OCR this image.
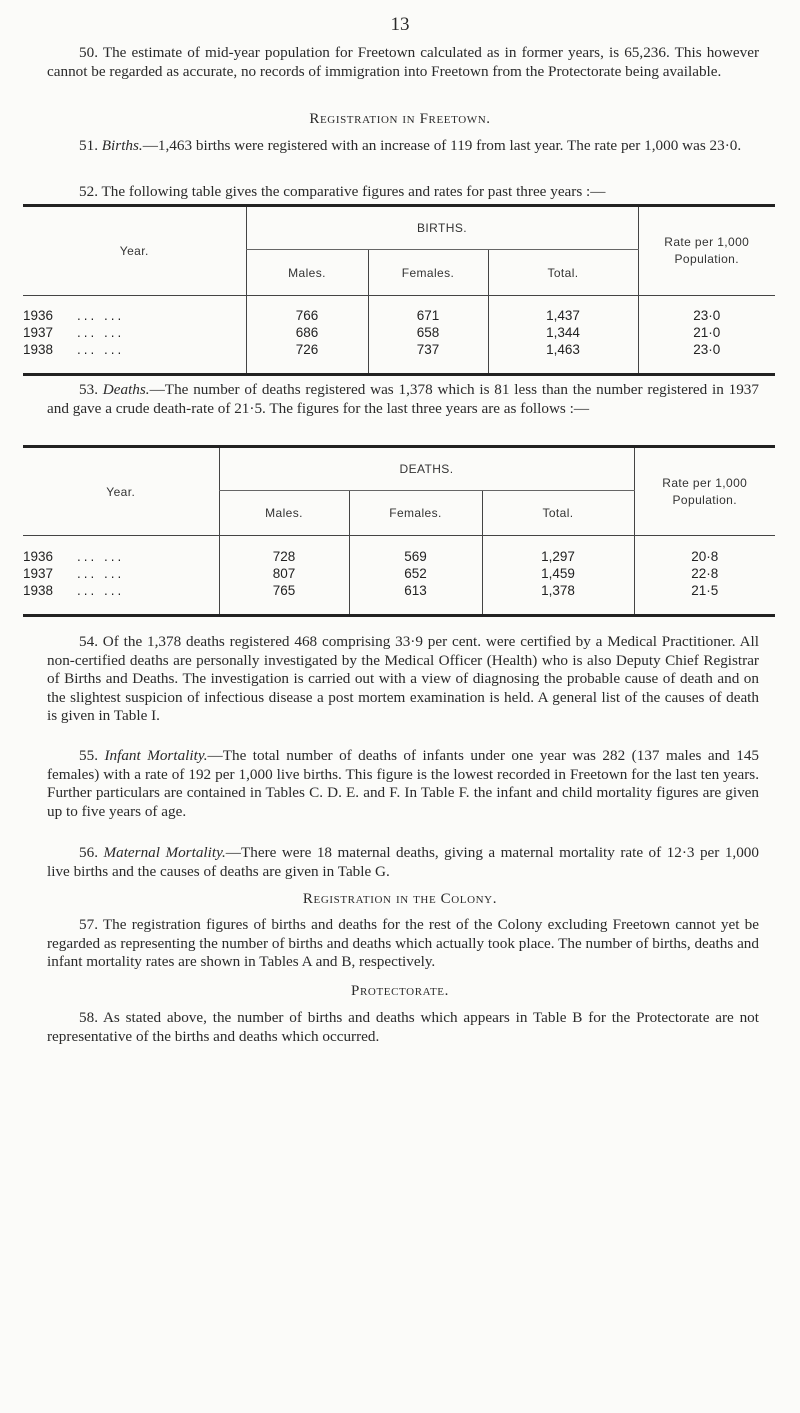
13

50. The estimate of mid-year population for Freetown calculated as in former years, is 65,236. This however cannot be regarded as accurate, no records of immigration into Freetown from the Protectorate being available.

Registration in Freetown.

51. Births.—1,463 births were registered with an increase of 119 from last year. The rate per 1,000 was 23·0.

52. The following table gives the comparative figures and rates for past three years :—

Year.	BIRTHS.			Rate per 1,000 Population.
	Males.	Females.	Total.	
1936 ... ...	766	671	1,437	23·0
1937 ... ...	686	658	1,344	21·0
1938 ... ...	726	737	1,463	23·0

53. Deaths.—The number of deaths registered was 1,378 which is 81 less than the number registered in 1937 and gave a crude death-rate of 21·5. The figures for the last three years are as follows :—

Year.	DEATHS.			Rate per 1,000 Population.
	Males.	Females.	Total.	
1936 ... ...	728	569	1,297	20·8
1937 ... ...	807	652	1,459	22·8
1938 ... ...	765	613	1,378	21·5

54. Of the 1,378 deaths registered 468 comprising 33·9 per cent. were certified by a Medical Practitioner. All non-certified deaths are personally investigated by the Medical Officer (Health) who is also Deputy Chief Registrar of Births and Deaths. The investigation is carried out with a view of diagnosing the probable cause of death and on the slightest suspicion of infectious disease a post mortem examination is held. A general list of the causes of death is given in Table I.

55. Infant Mortality.—The total number of deaths of infants under one year was 282 (137 males and 145 females) with a rate of 192 per 1,000 live births. This figure is the lowest recorded in Freetown for the last ten years. Further particulars are contained in Tables C. D. E. and F. In Table F. the infant and child mortality figures are given up to five years of age.

56. Maternal Mortality.—There were 18 maternal deaths, giving a maternal mortality rate of 12·3 per 1,000 live births and the causes of deaths are given in Table G.

Registration in the Colony.

57. The registration figures of births and deaths for the rest of the Colony excluding Freetown cannot yet be regarded as representing the number of births and deaths which actually took place. The number of births, deaths and infant mortality rates are shown in Tables A and B, respectively.

Protectorate.

58. As stated above, the number of births and deaths which appears in Table B for the Protectorate are not representative of the births and deaths which occurred.
